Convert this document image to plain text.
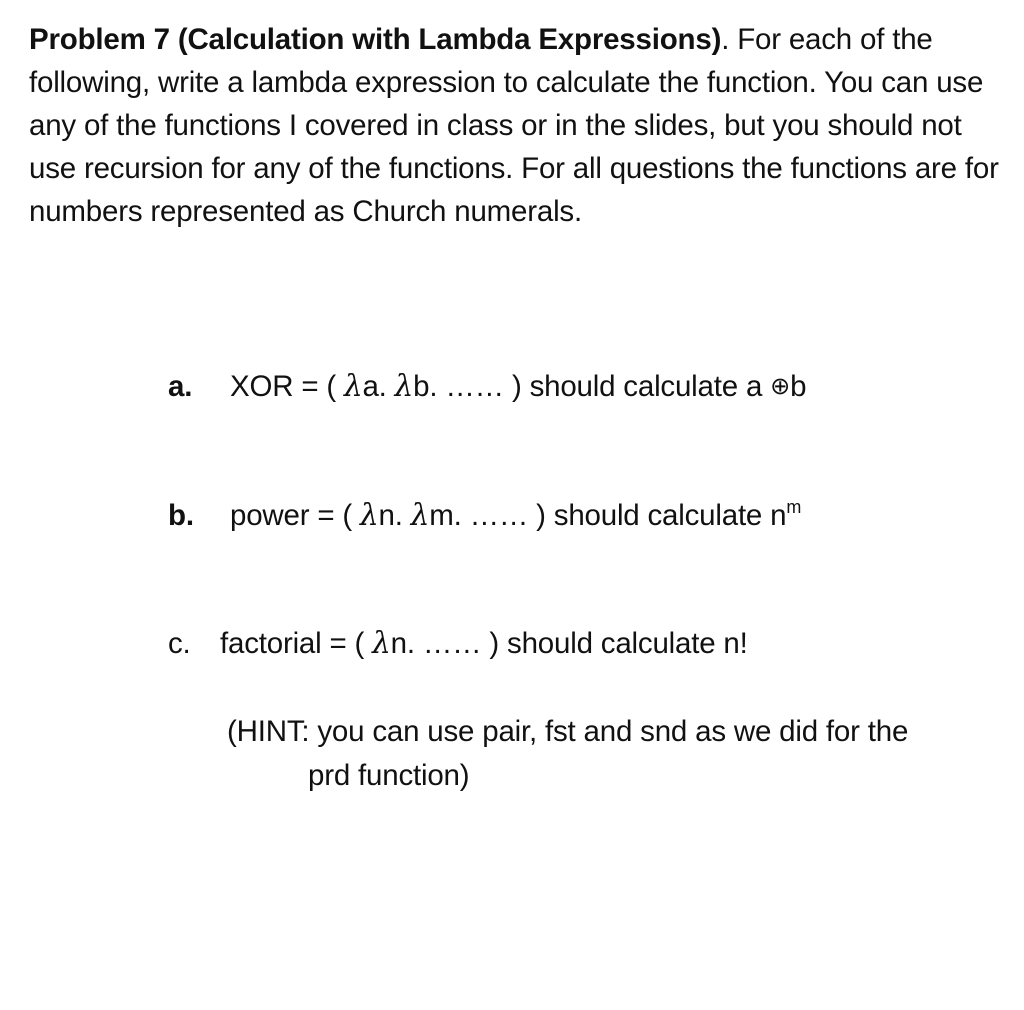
Problem 7 (Calculation with Lambda Expressions). For each of the following, write a lambda expression to calculate the function. You can use any of the functions I covered in class or in the slides, but you should not use recursion for any of the functions. For all questions the functions are for numbers represented as Church numerals.
a. XOR = ( λa. λb. …… ) should calculate a ⊕b
b. power = ( λn. λm. …… ) should calculate $n^m$
c. factorial = ( λn. …… ) should calculate n!
(HINT: you can use pair, fst and snd as we did for the
prd function)
